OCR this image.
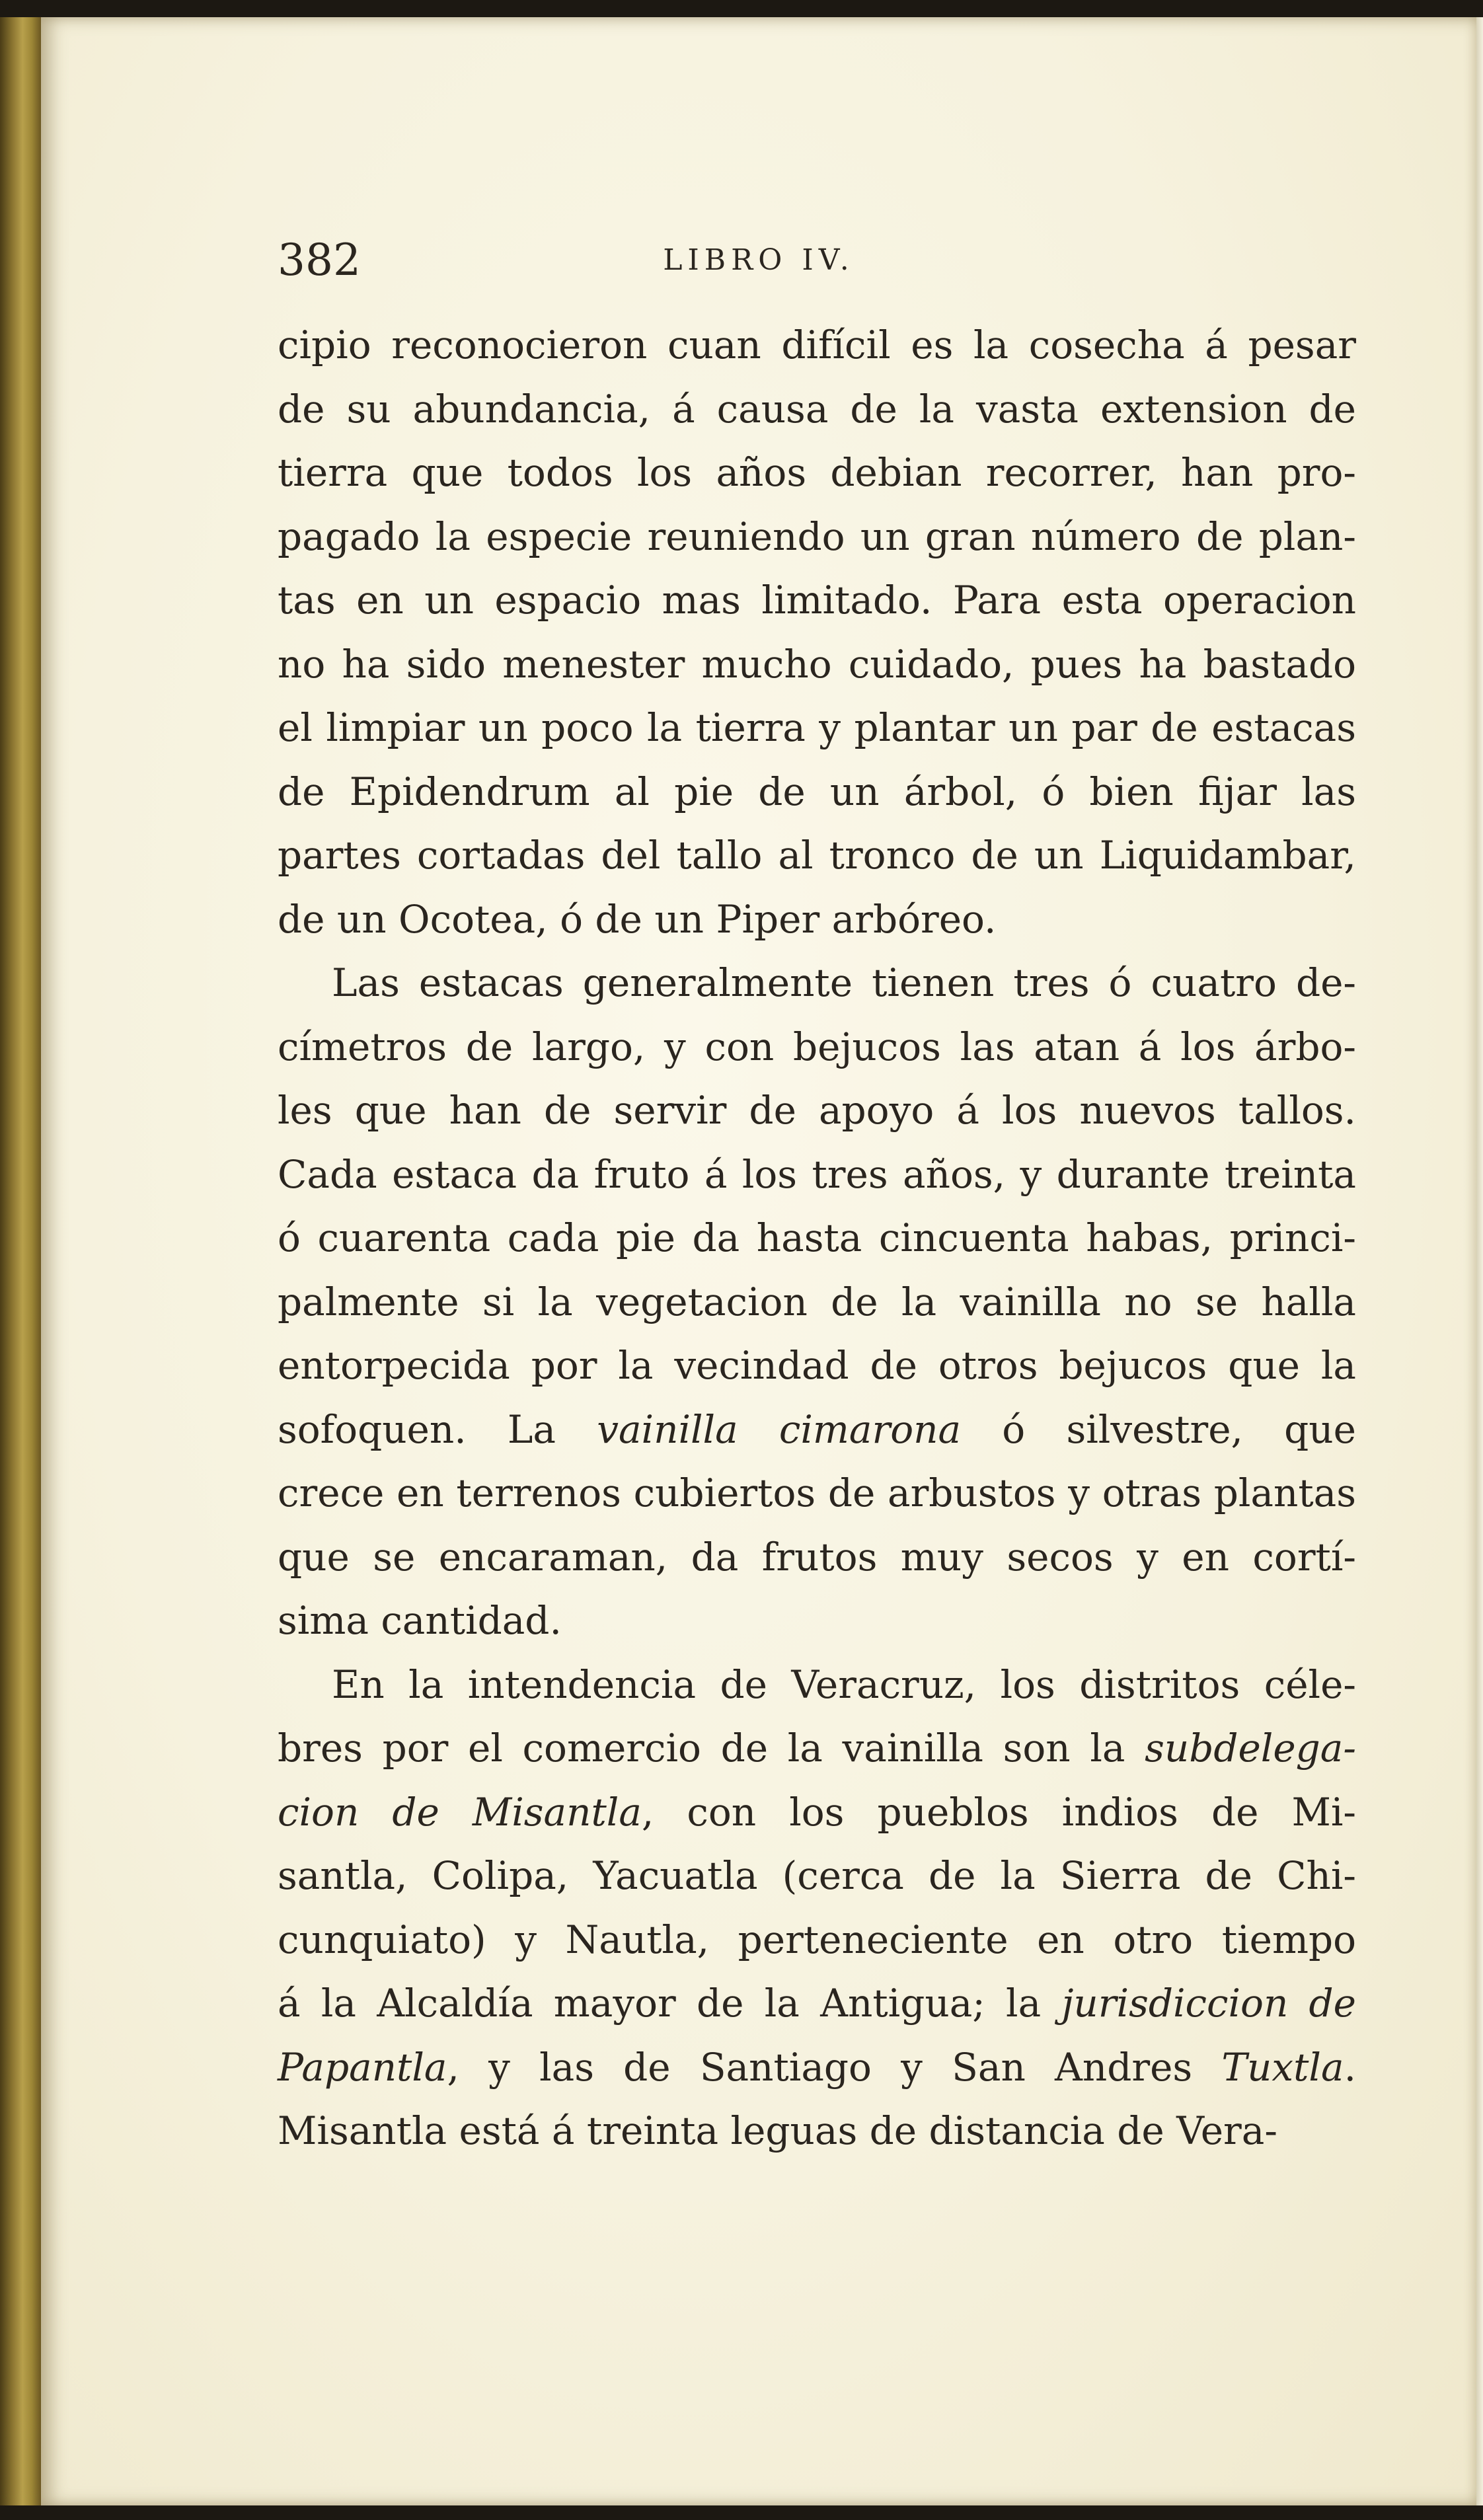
LIBRO IV.
382
cipio reconocieron cuan difícil es la cosecha á pesar
de su abundancia, á causa de la vasta extension de
tierra que todos los años debian recorrer, han pro-
pagado la especie reuniendo un gran número de plan-
tas en un espacio mas limitado. Para esta operacion
no ha sido menester mucho cuidado, pues ha bastado
el limpiar un poco la tierra y plantar un par de estacas
de Epidendrum al pie de un árbol, ó bien fijar las
partes cortadas del tallo al tronco de un Liquidambar,
de un Ocotea, ó de un Piper arbóreo.
Las estacas generalmente tienen tres ó cuatro de-
címetros de largo, y con bejucos las atan á los árbo-
les que han de servir de apoyo á los nuevos tallos.
Cada estaca da fruto á los tres años, y durante treinta
ó cuarenta cada pie da hasta cincuenta habas, princi-
palmente si la vegetacion de la vainilla no se halla
entorpecida por la vecindad de otros bejucos que la
sofoquen. La vainilla cimarona ó silvestre, que
crece en terrenos cubiertos de arbustos y otras plantas
que se encaraman, da frutos muy secos y en cortí-
sima cantidad.
En la intendencia de Veracruz, los distritos céle-
bres por el comercio de la vainilla son la subdelega-
cion de Misantla, con los pueblos indios de Mi-
santla, Colipa, Yacuatla (cerca de la Sierra de Chi-
cunquiato) y Nautla, perteneciente en otro tiempo
á la Alcaldía mayor de la Antigua; la jurisdiccion de
Papantla, y las de Santiago y San Andres Tuxtla.
Misantla está á treinta leguas de distancia de Vera-
